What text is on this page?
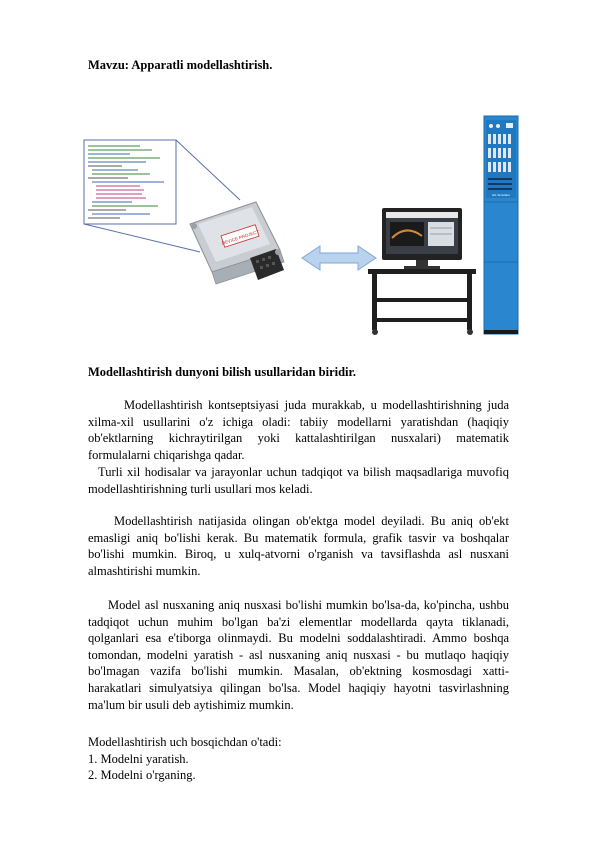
Mavzu: Apparatli modellashtirish.
DEVICE PROJECT
HIL Simulator
Modellashtirish dunyoni bilish usullaridan biridir.

Modellashtirish kontseptsiyasi juda murakkab, u modellashtirishning juda xilma-xil usullarini o'z ichiga oladi: tabiiy modellarni yaratishdan (haqiqiy ob'ektlarning kichraytirilgan yoki kattalashtirilgan nusxalari) matematik formulalarni chiqarishga qadar.

Turli xil hodisalar va jarayonlar uchun tadqiqot va bilish maqsadlariga muvofiq modellashtirishning turli usullari mos keladi.

Modellashtirish natijasida olingan ob'ektga model deyiladi. Bu aniq ob'ekt emasligi aniq bo'lishi kerak. Bu matematik formula, grafik tasvir va boshqalar bo'lishi mumkin. Biroq, u xulq-atvorni o'rganish va tavsiflashda asl nusxani almashtirishi mumkin.

Model asl nusxaning aniq nusxasi bo'lishi mumkin bo'lsa-da, ko'pincha, ushbu tadqiqot uchun muhim bo'lgan ba'zi elementlar modellarda qayta tiklanadi, qolganlari esa e'tiborga olinmaydi. Bu modelni soddalashtiradi. Ammo boshqa tomondan, modelni yaratish - asl nusxaning aniq nusxasi - bu mutlaqo haqiqiy bo'lmagan vazifa bo'lishi mumkin. Masalan, ob'ektning kosmosdagi xatti-harakatlari simulyatsiya qilingan bo'lsa. Model haqiqiy hayotni tasvirlashning ma'lum bir usuli deb aytishimiz mumkin.

Modellashtirish uch bosqichdan o'tadi:
1. Modelni yaratish.
2. Modelni o'rganing.
